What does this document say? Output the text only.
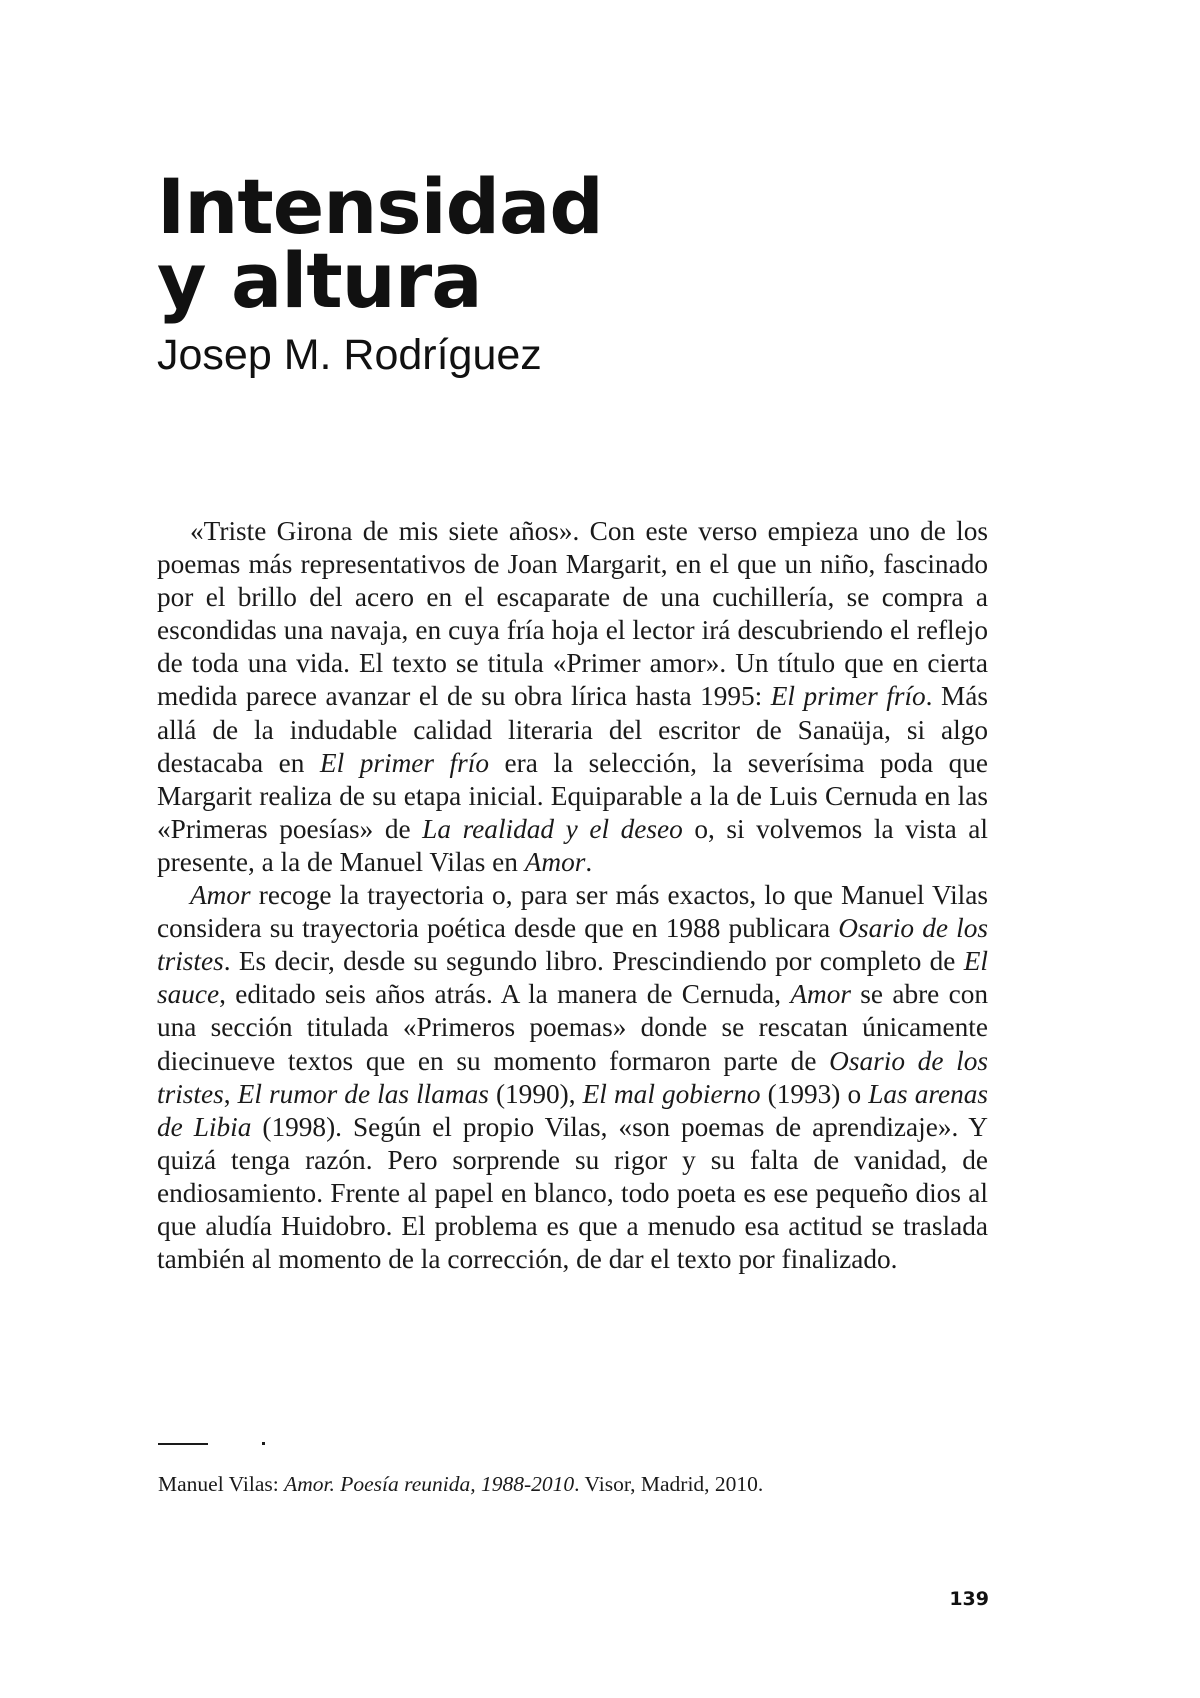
Intensidad
y altura
Josep M. Rodríguez

«Triste Girona de mis siete años». Con este verso empieza uno de los poemas más representativos de Joan Margarit, en el que un niño, fascinado por el brillo del acero en el escaparate de una cuchillería, se compra a escondidas una navaja, en cuya fría hoja el lector irá descubriendo el reflejo de toda una vida. El texto se titula «Primer amor». Un título que en cierta medida parece avanzar el de su obra lírica hasta 1995: El primer frío. Más allá de la indudable calidad literaria del escritor de Sanaüja, si algo destacaba en El primer frío era la selección, la severísima poda que Margarit realiza de su etapa inicial. Equiparable a la de Luis Cernuda en las «Primeras poesías» de La realidad y el deseo o, si volvemos la vista al presente, a la de Manuel Vilas en Amor.

Amor recoge la trayectoria o, para ser más exactos, lo que Manuel Vilas considera su trayectoria poética desde que en 1988 publicara Osario de los tristes. Es decir, desde su segundo libro. Prescindiendo por completo de El sauce, editado seis años atrás. A la manera de Cernuda, Amor se abre con una sección titulada «Primeros poemas» donde se rescatan únicamente diecinueve textos que en su momento formaron parte de Osario de los tristes, El rumor de las llamas (1990), El mal gobierno (1993) o Las arenas de Libia (1998). Según el propio Vilas, «son poemas de aprendizaje». Y quizá tenga razón. Pero sorprende su rigor y su falta de vanidad, de endiosamiento. Frente al papel en blanco, todo poeta es ese pequeño dios al que aludía Huidobro. El problema es que a menudo esa actitud se traslada también al momento de la corrección, de dar el texto por finalizado.

Manuel Vilas: Amor. Poesía reunida, 1988-2010. Visor, Madrid, 2010.

139
